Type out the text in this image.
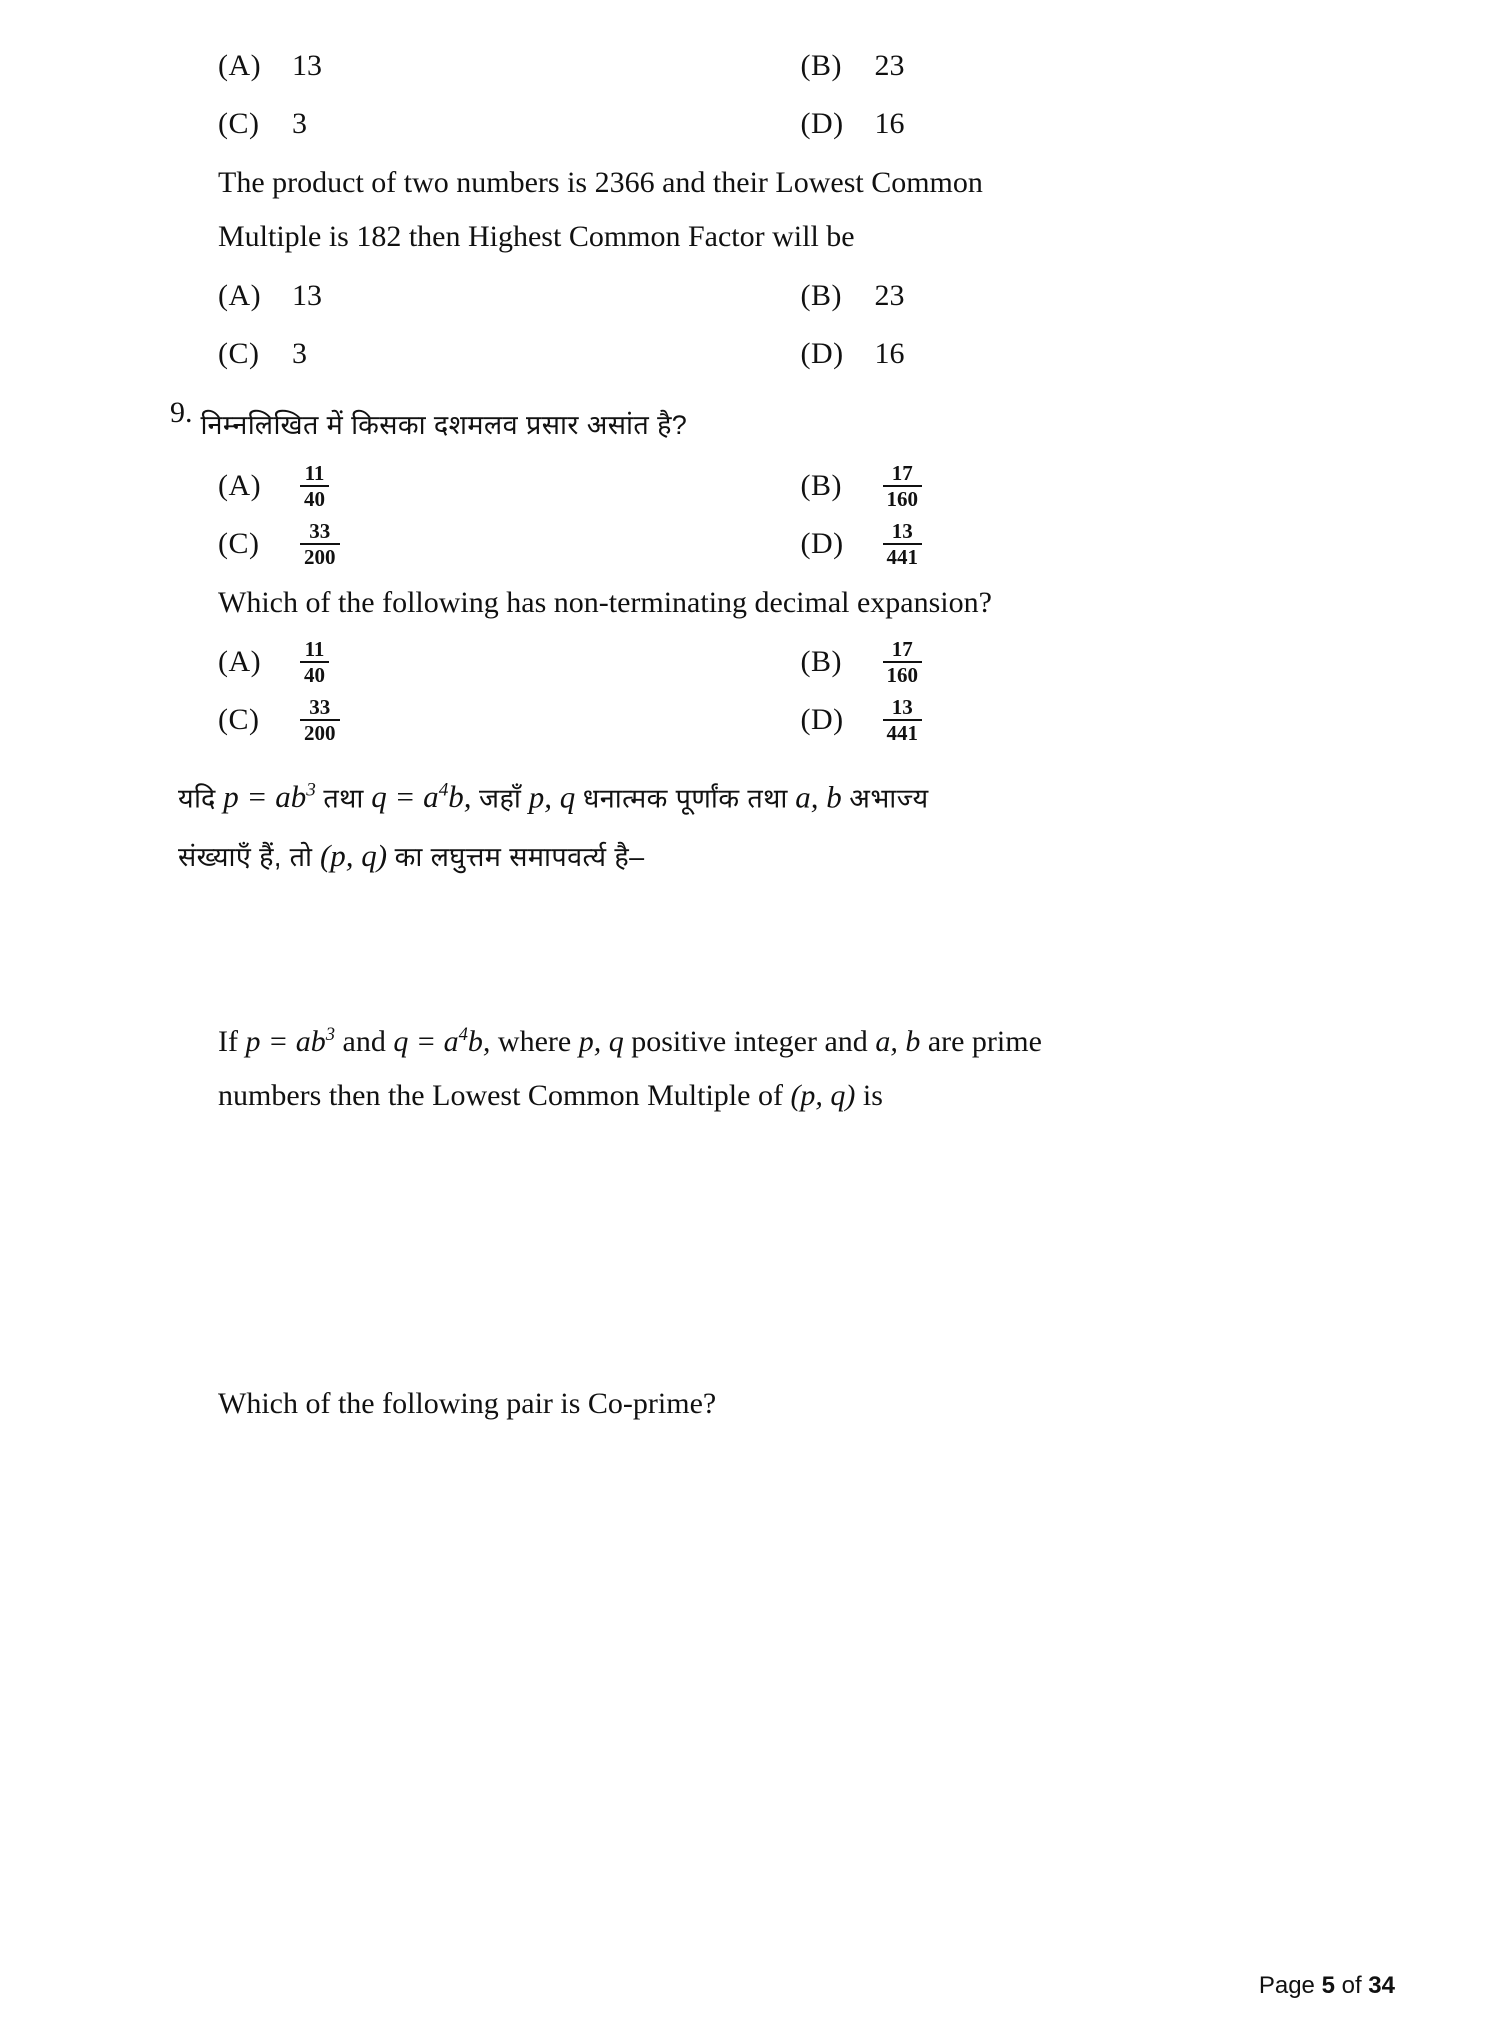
(A)	13	(B)	23
(C)	3	(D)	16
The product of two numbers is 2366 and their Lowest Common
Multiple is 182 then Highest Common Factor will be
(A)	13	(B)	23
(C)	3	(D)	16
9. निम्नलिखित में किसका दशमलव प्रसार असांत है?
(A)	$\frac{11}{40}$	(B)	$\frac{17}{160}$
(C)	$\frac{33}{200}$	(D)	$\frac{13}{441}$
Which of the following has non-terminating decimal expansion?
(A)	$\frac{11}{40}$	(B)	$\frac{17}{160}$
(C)	$\frac{33}{200}$	(D)	$\frac{13}{441}$
यदि $p = ab^3$ तथा $q = a^4b$, जहाँ p, q धनात्मक पूर्णांक तथा a, b अभाज्य
संख्याएँ हैं, तो (p, q) का लघुत्तम समापवर्त्य है–
If $p = ab^3$ and $q = a^4b$, where p, q positive integer and a, b are prime
numbers then the Lowest Common Multiple of (p, q) is
Which of the following pair is Co-prime?
Page 5 of 34
